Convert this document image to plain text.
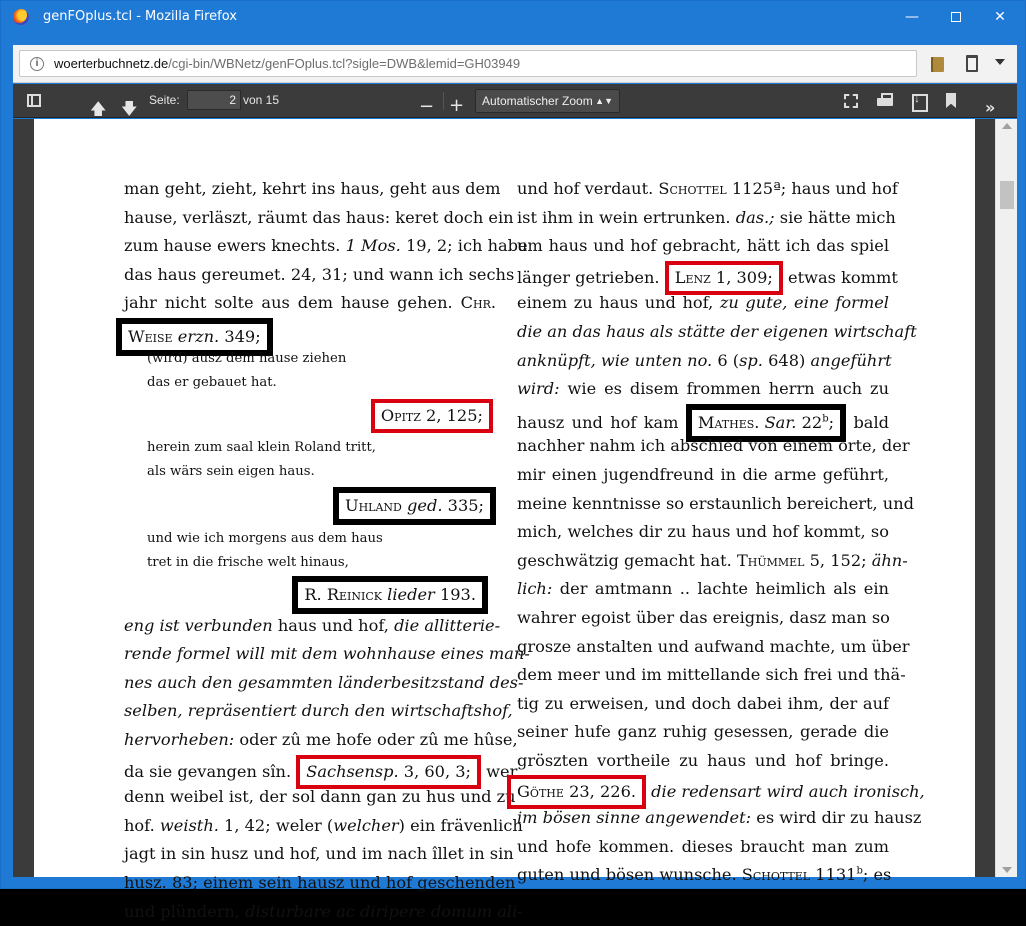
genFOplus.tcl - Mozilla Firefox	—	✕
i	woerterbuchnetz.de/cgi-bin/WBNetz/genFOplus.tcl?sigle=DWB&lemid=GH03949
🡅 🡇 Seite:	2 von 15	− +	Automatischer Zoom ▲▼
↓	»
man geht, zieht, kehrt ins haus, geht aus dem
hause, verläszt, räumt das haus: keret doch ein
zum hause ewers knechts. 1 Mos. 19, 2; ich habe
das haus gereumet. 24, 31; und wann ich sechs
jahr nicht solte aus dem hause gehen. Chr.
Weise erzn. 349;
(wird) ausz dem hause ziehen
das er gebauet hat.
Opitz 2, 125;
herein zum saal klein Roland tritt,
als wärs sein eigen haus.
Uhland ged. 335;
und wie ich morgens aus dem haus
tret in die frische welt hinaus,
R. Reinick lieder 193.
eng ist verbunden haus und hof, die allitterie-
rende formel will mit dem wohnhause eines man-
nes auch den gesammten länderbesitzstand des-
selben, repräsentiert durch den wirtschaftshof,
hervorheben: oder zû me hofe oder zû me hûse,
da sie gevangen sîn. Sachsensp. 3, 60, 3; wer
denn weibel ist, der sol dann gan zu hus und zu
hof. weisth. 1, 42; weler (welcher) ein frävenlich
jagt in sin husz und hof, und im nach îllet in sin
husz. 83; einem sein hausz und hof geschenden
und plündern, disturbare ac diripere domum ali-
und hof verdaut. Schottel 1125ª; haus und hof
ist ihm in wein ertrunken. das.; sie hätte mich
um haus und hof gebracht, hätt ich das spiel
länger getrieben. Lenz 1, 309; etwas kommt
einem zu haus und hof, zu gute, eine formel
die an das haus als stätte der eigenen wirtschaft
anknüpft, wie unten no. 6 (sp. 648) angeführt
wird: wie es disem frommen herrn auch zu
hausz und hof kam Mathes. Sar. 22$^b$; bald
nachher nahm ich abschied von einem orte, der
mir einen jugendfreund in die arme geführt,
meine kenntnisse so erstaunlich bereichert, und
mich, welches dir zu haus und hof kommt, so
geschwätzig gemacht hat. Thümmel 5, 152; ähn-
lich: der amtmann .. lachte heimlich als ein
wahrer egoist über das ereignis, dasz man so
grosze anstalten und aufwand machte, um über
dem meer und im mittellande sich frei und thä-
tig zu erweisen, und doch dabei ihm, der auf
seiner hufe ganz ruhig gesessen, gerade die
gröszten vortheile zu haus und hof bringe.
Göthe 23, 226. die redensart wird auch ironisch,
im bösen sinne angewendet: es wird dir zu hausz
und hofe kommen. dieses braucht man zum
guten und bösen wunsche. Schottel 1131$^b$; es
